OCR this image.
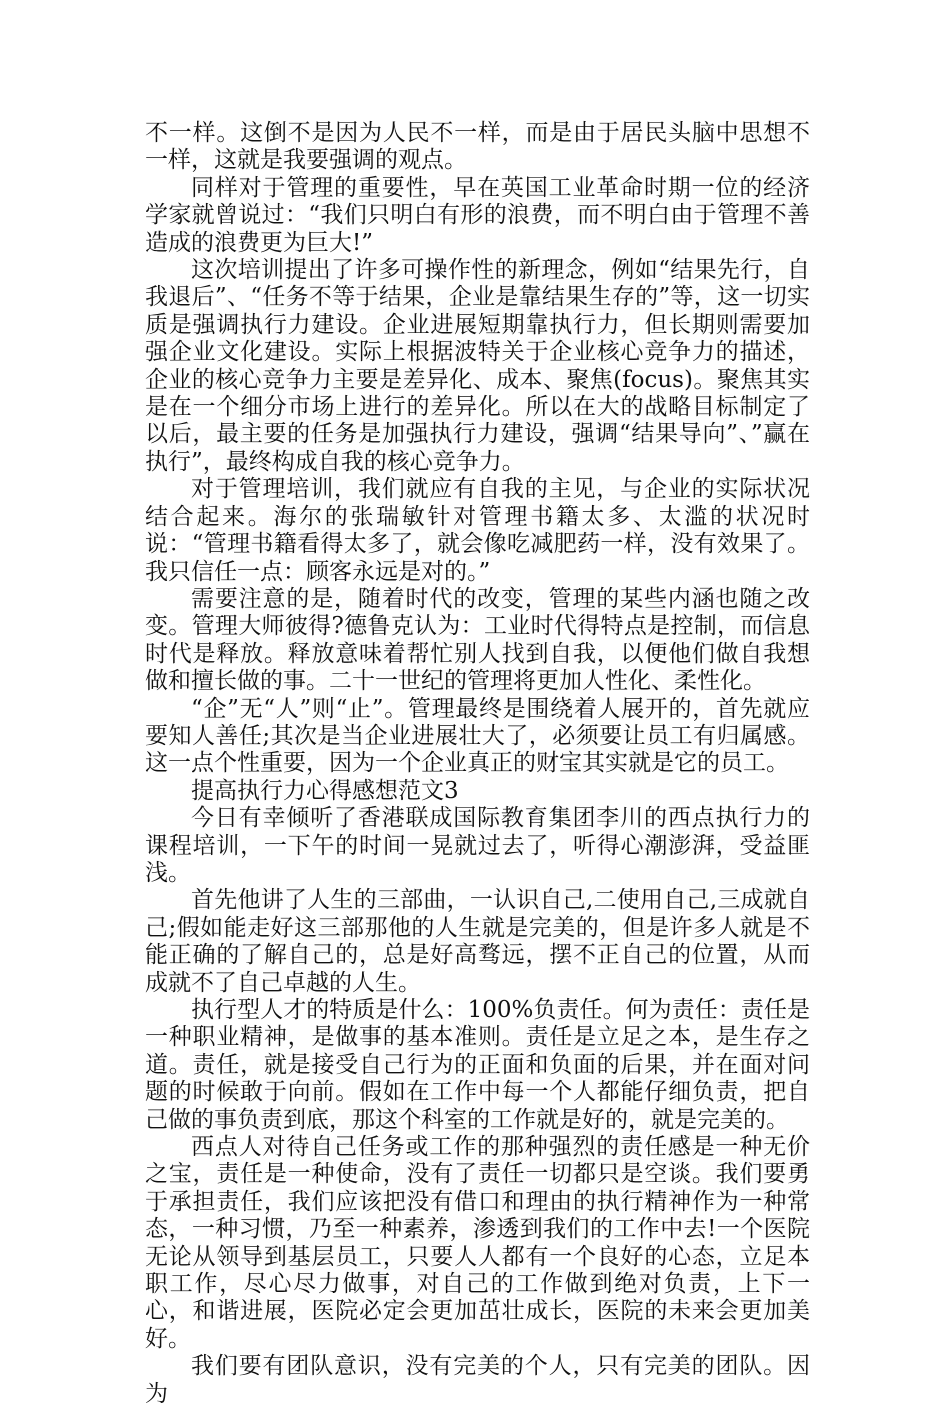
不一样。这倒不是因为人民不一样，而是由于居民头脑中思想不一样，这就是我要强调的观点。

同样对于管理的重要性，早在英国工业革命时期一位的经济学家就曾说过：“我们只明白有形的浪费，而不明白由于管理不善造成的浪费更为巨大!”

这次培训提出了许多可操作性的新理念，例如“结果先行，自我退后”、“任务不等于结果，企业是靠结果生存的”等，这一切实质是强调执行力建设。企业进展短期靠执行力，但长期则需要加强企业文化建设。实际上根据波特关于企业核心竞争力的描述，企业的核心竞争力主要是差异化、成本、聚焦(focus)。聚焦其实是在一个细分市场上进行的差异化。所以在大的战略目标制定了以后，最主要的任务是加强执行力建设，强调“结果导向”、”赢在执行”，最终构成自我的核心竞争力。

对于管理培训，我们就应有自我的主见，与企业的实际状况结合起来。海尔的张瑞敏针对管理书籍太多、太滥的状况时说：“管理书籍看得太多了，就会像吃减肥药一样，没有效果了。我只信任一点：顾客永远是对的。”

需要注意的是，随着时代的改变，管理的某些内涵也随之改变。管理大师彼得?德鲁克认为：工业时代得特点是控制，而信息时代是释放。释放意味着帮忙别人找到自我，以便他们做自我想做和擅长做的事。二十一世纪的管理将更加人性化、柔性化。

“企”无“人”则“止”。管理最终是围绕着人展开的，首先就应要知人善任;其次是当企业进展壮大了，必须要让员工有归属感。这一点个性重要，因为一个企业真正的财宝其实就是它的员工。

提高执行力心得感想范文3

今日有幸倾听了香港联成国际教育集团李川的西点执行力的课程培训，一下午的时间一晃就过去了，听得心潮澎湃，受益匪浅。

首先他讲了人生的三部曲，一认识自己,二使用自己,三成就自己;假如能走好这三部那他的人生就是完美的，但是许多人就是不能正确的了解自己的，总是好高骛远，摆不正自己的位置，从而成就不了自己卓越的人生。

执行型人才的特质是什么：100%负责任。何为责任：责任是一种职业精神，是做事的基本准则。责任是立足之本，是生存之道。责任，就是接受自己行为的正面和负面的后果，并在面对问题的时候敢于向前。假如在工作中每一个人都能仔细负责，把自己做的事负责到底，那这个科室的工作就是好的，就是完美的。

西点人对待自己任务或工作的那种强烈的责任感是一种无价之宝，责任是一种使命，没有了责任一切都只是空谈。我们要勇于承担责任，我们应该把没有借口和理由的执行精神作为一种常态，一种习惯，乃至一种素养，渗透到我们的工作中去!一个医院无论从领导到基层员工，只要人人都有一个良好的心态，立足本职工作，尽心尽力做事，对自己的工作做到绝对负责，上下一心，和谐进展，医院必定会更加茁壮成长，医院的未来会更加美好。

我们要有团队意识，没有完美的个人，只有完美的团队。因为
